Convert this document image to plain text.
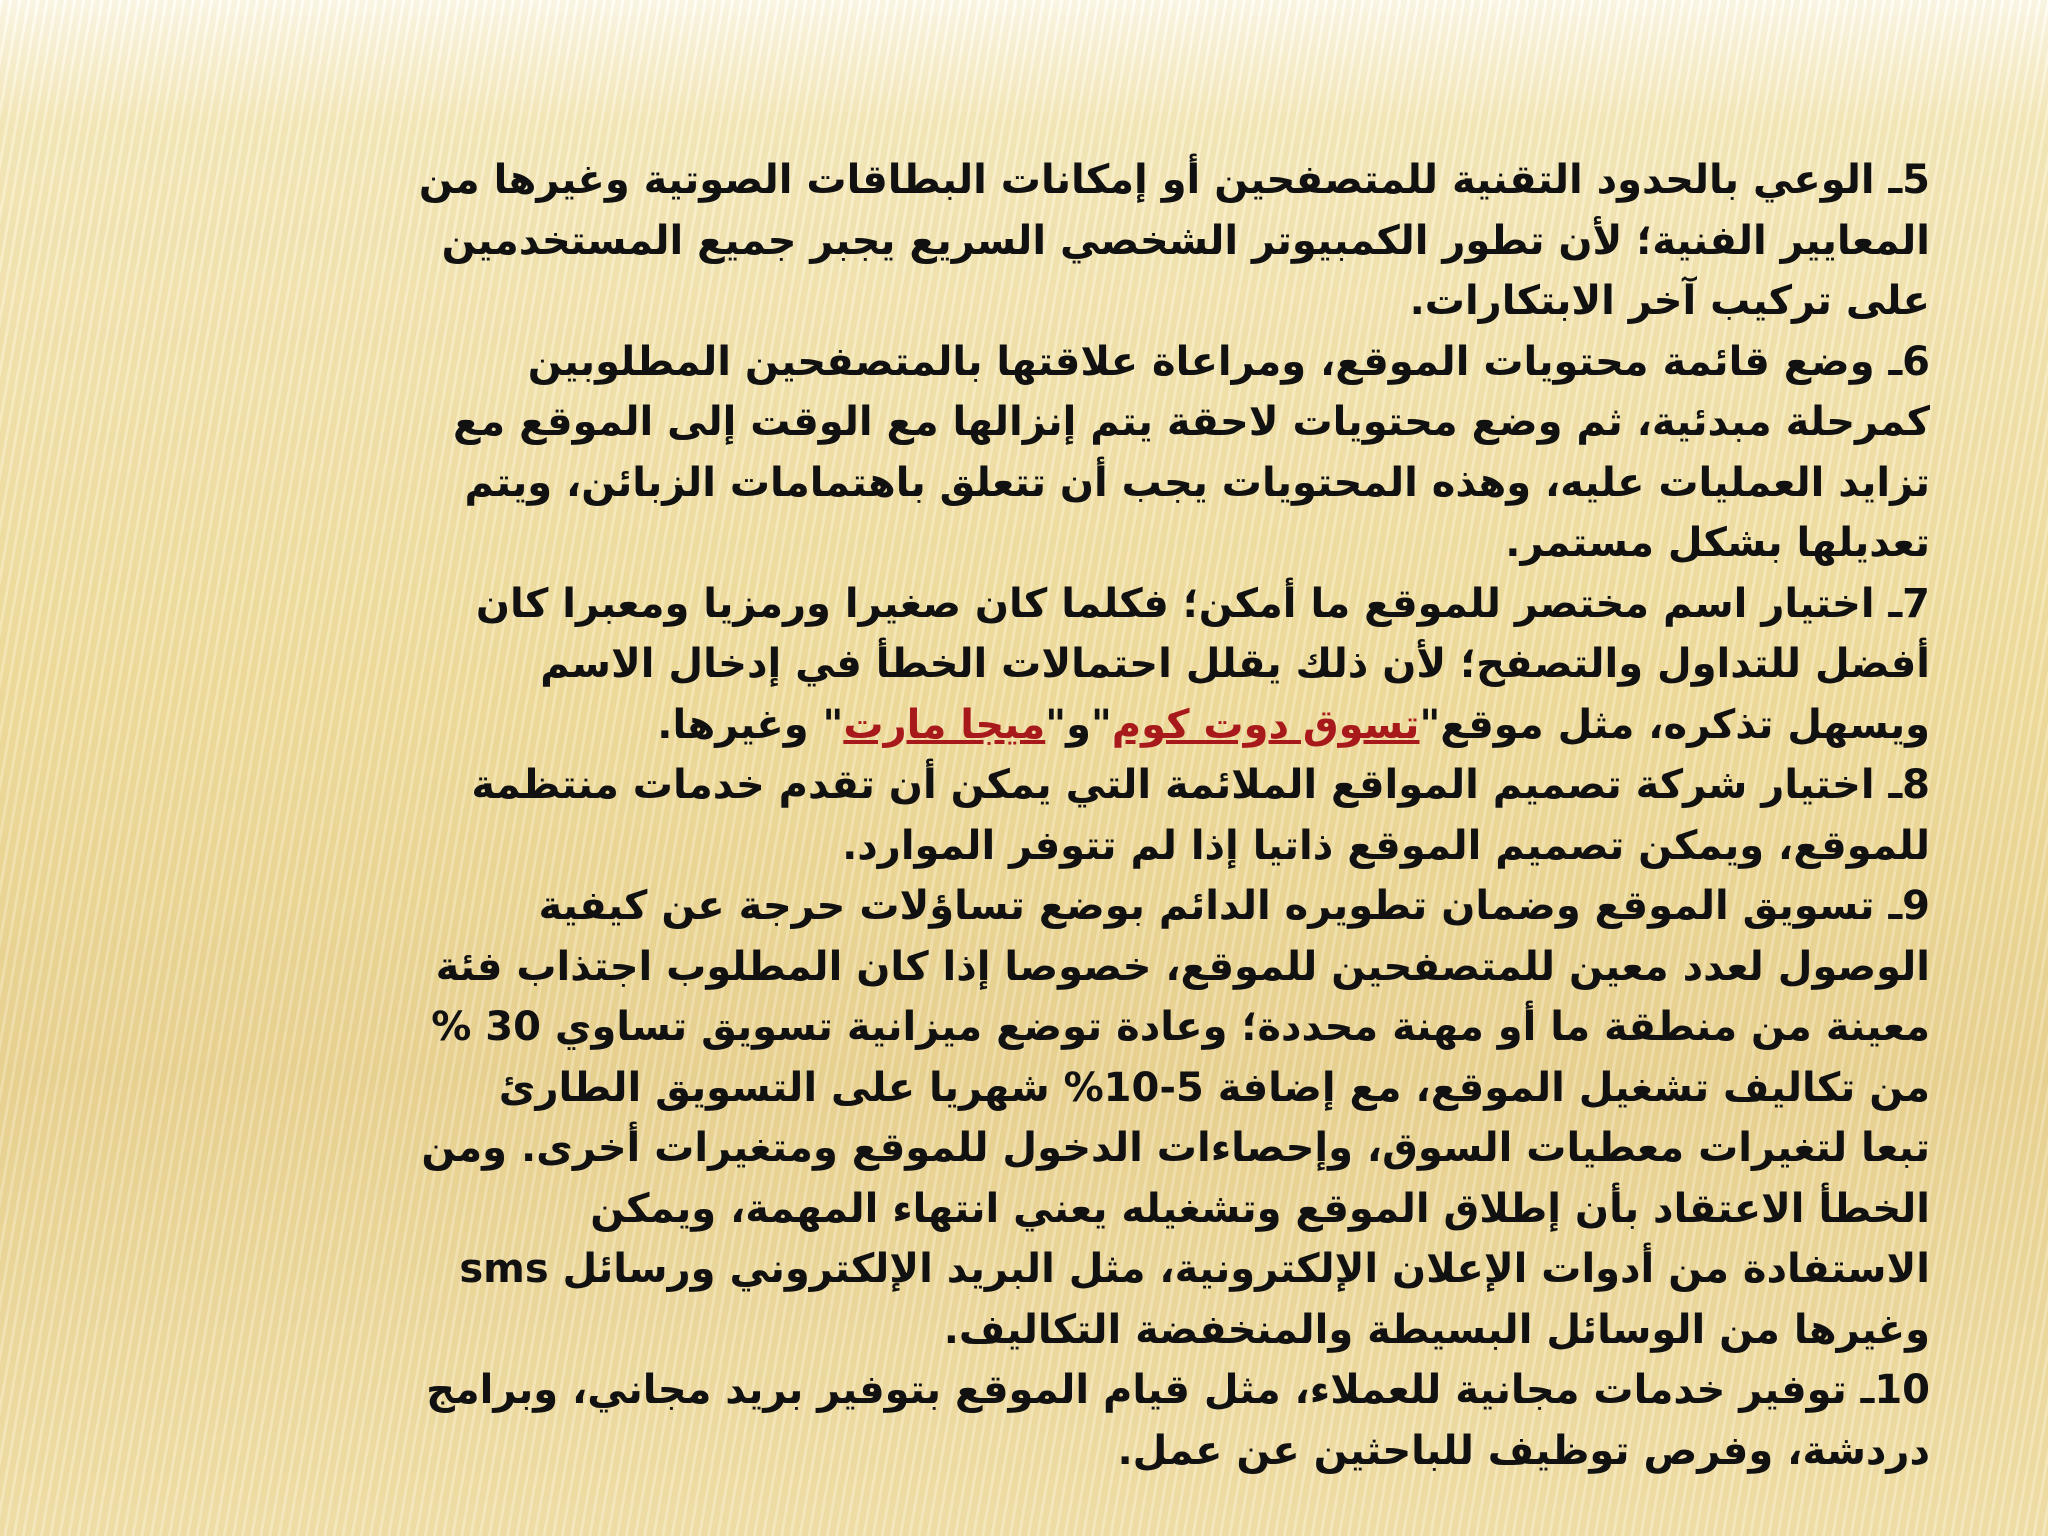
5ـ الوعي بالحدود التقنية للمتصفحين أو إمكانات البطاقات الصوتية وغيرها من
المعايير الفنية؛ لأن تطور الكمبيوتر الشخصي السريع يجبر جميع المستخدمين
على تركيب آخر الابتكارات.
6ـ وضع قائمة محتويات الموقع، ومراعاة علاقتها بالمتصفحين المطلوبين
كمرحلة مبدئية، ثم وضع محتويات لاحقة يتم إنزالها مع الوقت إلى الموقع مع
تزايد العمليات عليه، وهذه المحتويات يجب أن تتعلق باهتمامات الزبائن، ويتم
تعديلها بشكل مستمر.
7ـ اختيار اسم مختصر للموقع ما أمكن؛ فكلما كان صغيرا ورمزيا ومعبرا كان
أفضل للتداول والتصفح؛ لأن ذلك يقلل احتمالات الخطأ في إدخال الاسم
ويسهل تذكره، مثل موقع"تسوق دوت كوم"و"ميجا مارت" وغيرها.
8ـ اختيار شركة تصميم المواقع الملائمة التي يمكن أن تقدم خدمات منتظمة
للموقع، ويمكن تصميم الموقع ذاتيا إذا لم تتوفر الموارد.
9ـ تسويق الموقع وضمان تطويره الدائم بوضع تساؤلات حرجة عن كيفية
الوصول لعدد معين للمتصفحين للموقع، خصوصا إذا كان المطلوب اجتذاب فئة
معينة من منطقة ما أو مهنة محددة؛ وعادة توضع ميزانية تسويق تساوي 30 %
من تكاليف تشغيل الموقع، مع إضافة 5-10% شهريا على التسويق الطارئ
تبعا لتغيرات معطيات السوق، وإحصاءات الدخول للموقع ومتغيرات أخرى. ومن
الخطأ الاعتقاد بأن إطلاق الموقع وتشغيله يعني انتهاء المهمة، ويمكن
الاستفادة من أدوات الإعلان الإلكترونية، مثل البريد الإلكتروني ورسائل sms
وغيرها من الوسائل البسيطة والمنخفضة التكاليف.
10ـ توفير خدمات مجانية للعملاء، مثل قيام الموقع بتوفير بريد مجاني، وبرامج
دردشة، وفرص توظيف للباحثين عن عمل.
